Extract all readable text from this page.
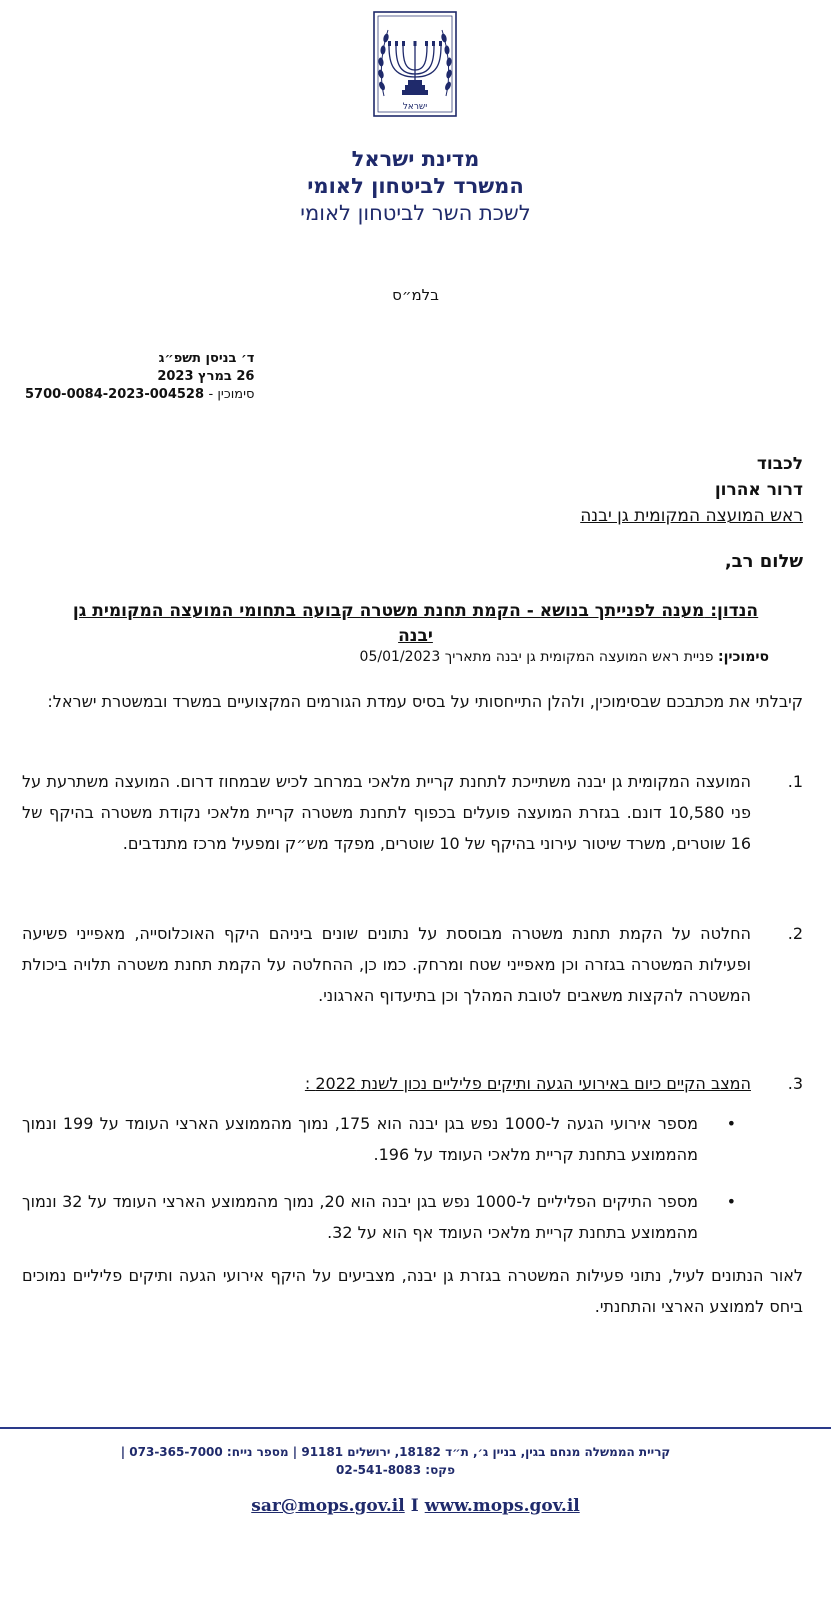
ישראל
מדינת ישראל
המשרד לביטחון לאומי
לשכת השר לביטחון לאומי
בלמ״ס
ד׳ בניסן תשפ״ג
26 במרץ 2023
סימוכין - 5700-0084-2023-004528
לכבוד
דרור אהרון
ראש המועצה המקומית גן יבנה
שלום רב,
הנדון: מענה לפנייתך בנושא - הקמת תחנת משטרה קבועה בתחומי המועצה המקומית גן יבנה
סימוכין: פניית ראש המועצה המקומית גן יבנה מתאריך 05/01/2023
קיבלתי את מכתבכם שבסימוכין, ולהלן התייחסותי על בסיס עמדת הגורמים המקצועיים במשרד ובמשטרת ישראל:
1.
המועצה המקומית גן יבנה משתייכת לתחנת קריית מלאכי במרחב לכיש שבמחוז דרום. המועצה משתרעת על פני 10,580 דונם. בגזרת המועצה פועלים בכפוף לתחנת משטרה קריית מלאכי נקודת משטרה בהיקף של 16 שוטרים, משרד שיטור עירוני בהיקף של 10 שוטרים, מפקד מש״ק ומפעיל מרכז מתנדבים.
2.
החלטה על הקמת תחנת משטרה מבוססת על נתונים שונים ביניהם היקף האוכלוסייה, מאפייני פשיעה ופעילות המשטרה בגזרה וכן מאפייני שטח ומרחק. כמו כן, ההחלטה על הקמת תחנת משטרה תלויה ביכולת המשטרה להקצות משאבים לטובת המהלך וכן בתיעדוף הארגוני.
3.
המצב הקיים כיום באירועי הגעה ותיקים פליליים נכון לשנת 2022 :
•
מספר אירועי הגעה ל-1000 נפש בגן יבנה הוא 175, נמוך מהממוצע הארצי העומד על 199 ונמוך מהממוצע בתחנת קריית מלאכי העומד על 196.
•
מספר התיקים הפליליים ל-1000 נפש בגן יבנה הוא 20, נמוך מהממוצע הארצי העומד על 32 ונמוך מהממוצע בתחנת קריית מלאכי העומד אף הוא על 32.
לאור הנתונים לעיל, נתוני פעילות המשטרה בגזרת גן יבנה, מצביעים על היקף אירועי הגעה ותיקים פליליים נמוכים ביחס לממוצע הארצי והתחנתי.
קריית הממשלה מנחם בגין, בניין ג׳, ת״ד 18182, ירושלים 91181 | מספר נייח: 073-365-7000 |
פקס: 02-541-8083
sar@mops.gov.il I www.mops.gov.il
